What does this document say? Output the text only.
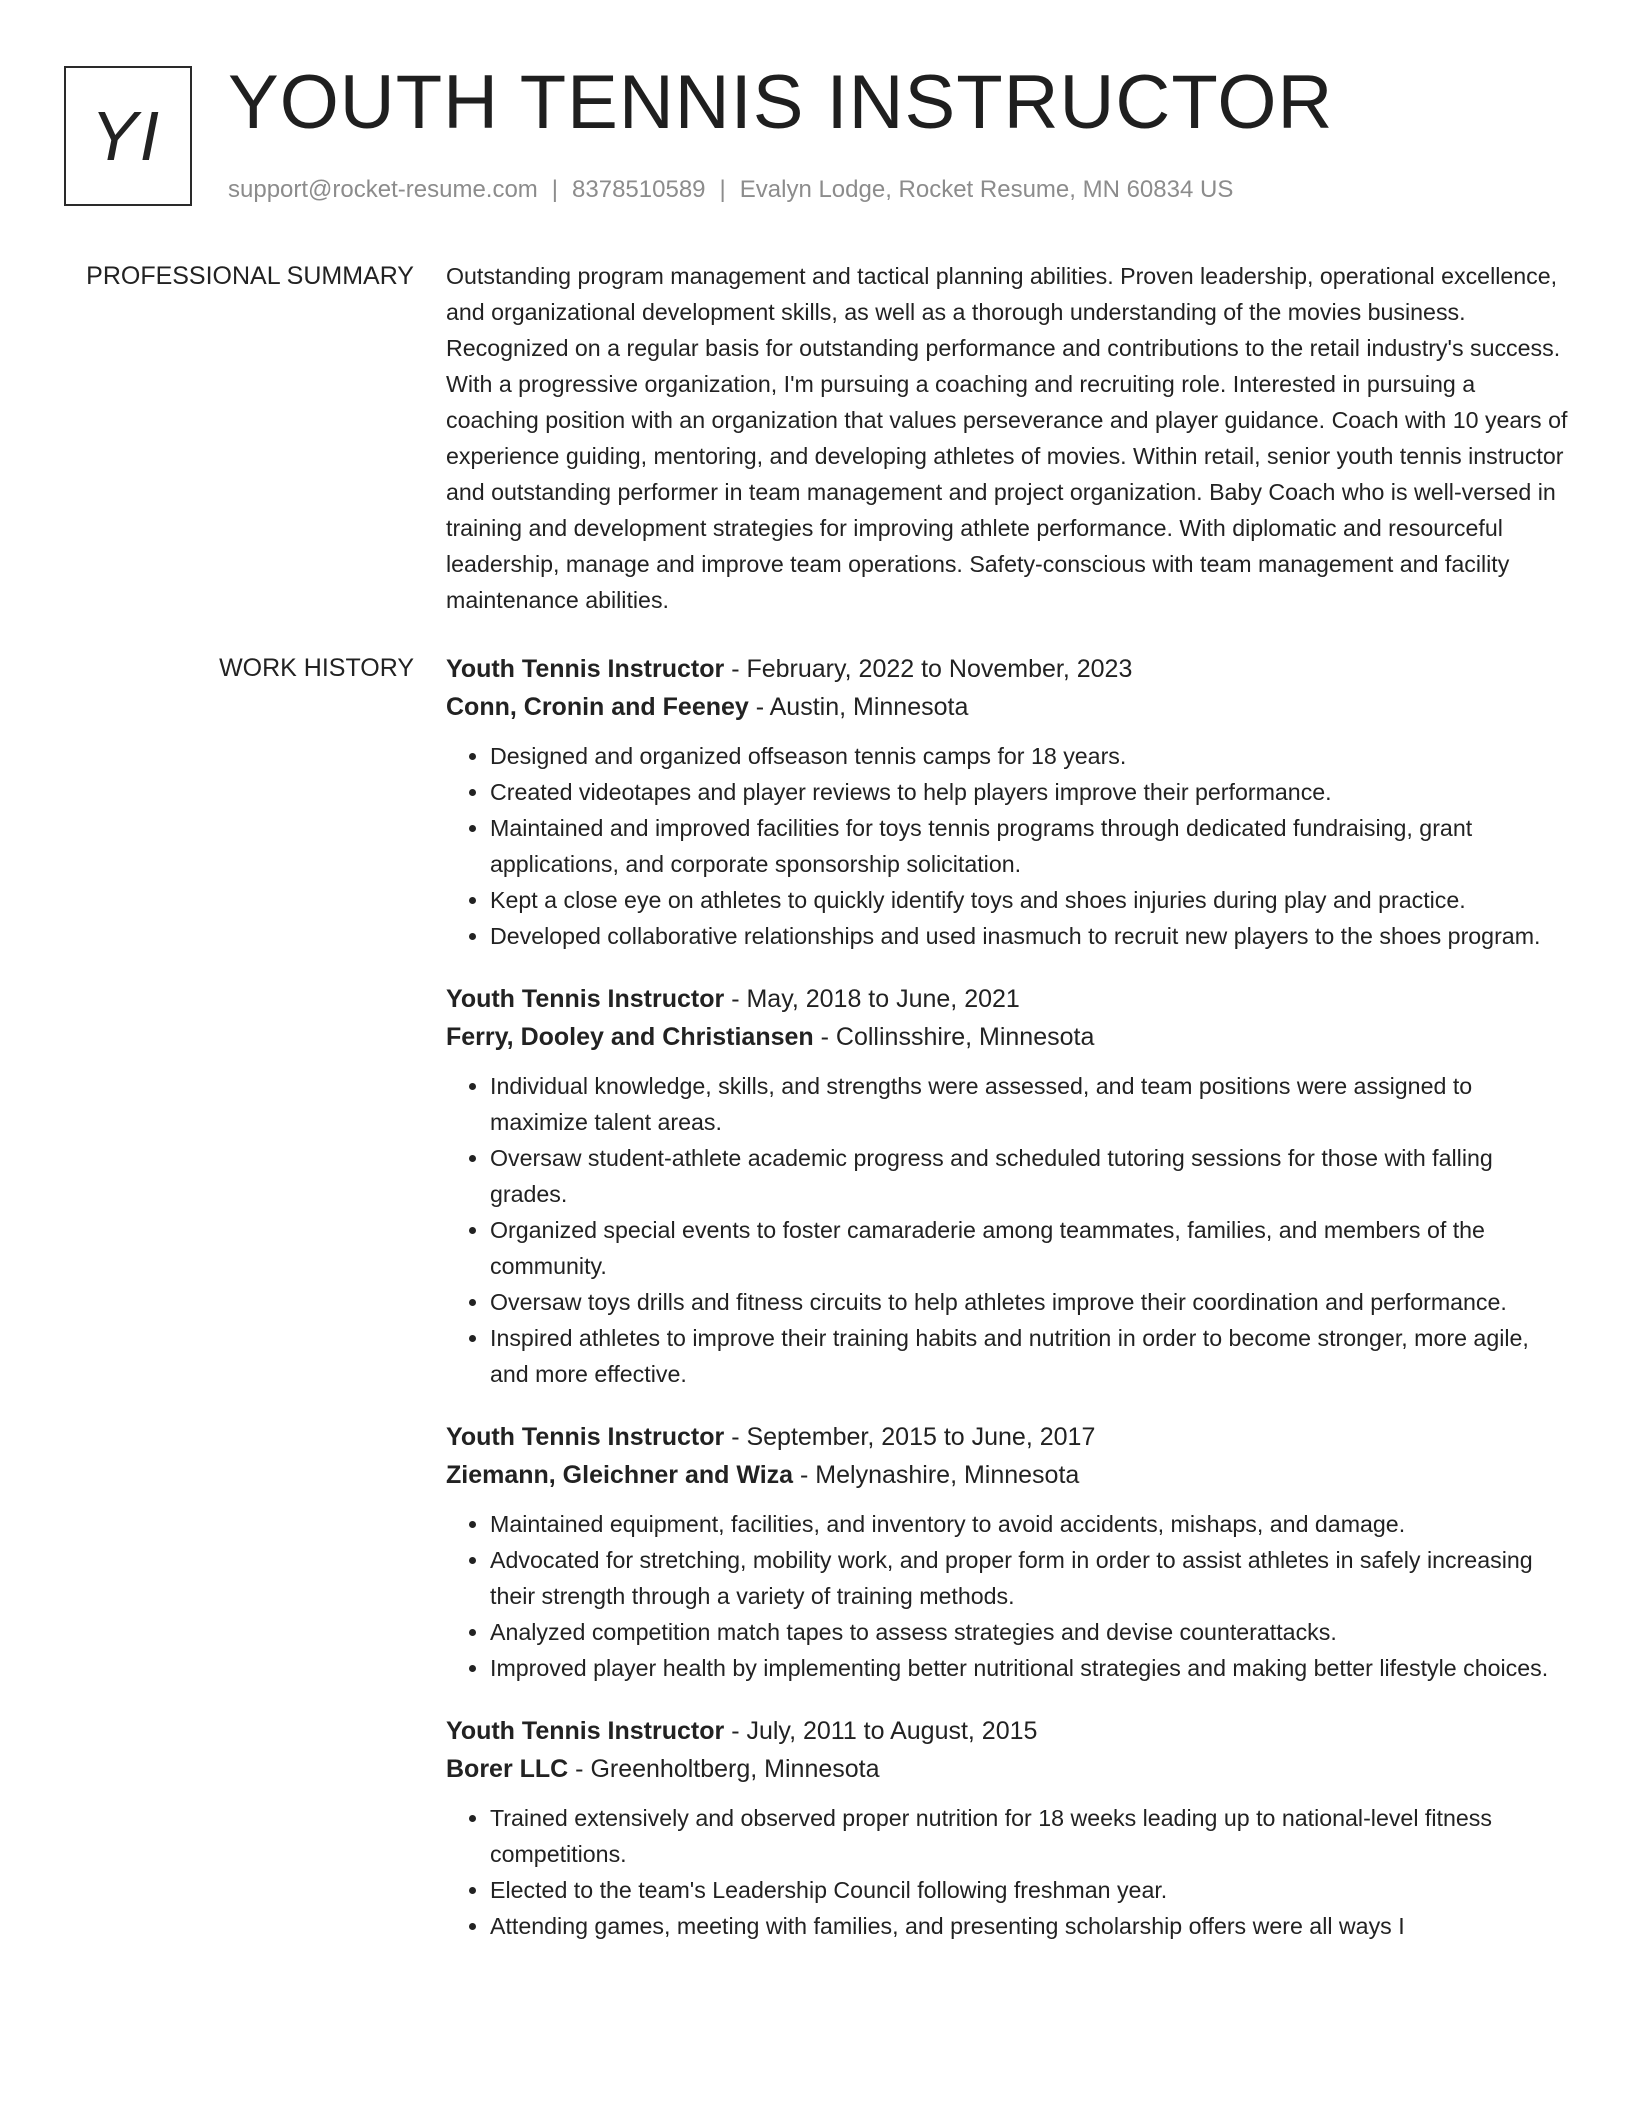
YI YOUTH TENNIS INSTRUCTOR
support@rocket-resume.com | 8378510589 | Evalyn Lodge, Rocket Resume, MN 60834 US
PROFESSIONAL SUMMARY Outstanding program management and tactical planning abilities. Proven leadership, operational excellence, and organizational development skills, as well as a thorough understanding of the movies business. Recognized on a regular basis for outstanding performance and contributions to the retail industry's success. With a progressive organization, I'm pursuing a coaching and recruiting role. Interested in pursuing a coaching position with an organization that values perseverance and player guidance. Coach with 10 years of experience guiding, mentoring, and developing athletes of movies. Within retail, senior youth tennis instructor and outstanding performer in team management and project organization. Baby Coach who is well-versed in training and development strategies for improving athlete performance. With diplomatic and resourceful leadership, manage and improve team operations. Safety-conscious with team management and facility maintenance abilities.

WORK HISTORY Youth Tennis Instructor - February, 2022 to November, 2023
Conn, Cronin and Feeney - Austin, Minnesota
• Designed and organized offseason tennis camps for 18 years.
• Created videotapes and player reviews to help players improve their performance.
• Maintained and improved facilities for toys tennis programs through dedicated fundraising, grant applications, and corporate sponsorship solicitation.
• Kept a close eye on athletes to quickly identify toys and shoes injuries during play and practice.
• Developed collaborative relationships and used inasmuch to recruit new players to the shoes program.
Youth Tennis Instructor - May, 2018 to June, 2021
Ferry, Dooley and Christiansen - Collinsshire, Minnesota
• Individual knowledge, skills, and strengths were assessed, and team positions were assigned to maximize talent areas.
• Oversaw student-athlete academic progress and scheduled tutoring sessions for those with falling grades.
• Organized special events to foster camaraderie among teammates, families, and members of the community.
• Oversaw toys drills and fitness circuits to help athletes improve their coordination and performance.
• Inspired athletes to improve their training habits and nutrition in order to become stronger, more agile, and more effective.
Youth Tennis Instructor - September, 2015 to June, 2017
Ziemann, Gleichner and Wiza - Melynashire, Minnesota
• Maintained equipment, facilities, and inventory to avoid accidents, mishaps, and damage.
• Advocated for stretching, mobility work, and proper form in order to assist athletes in safely increasing their strength through a variety of training methods.
• Analyzed competition match tapes to assess strategies and devise counterattacks.
• Improved player health by implementing better nutritional strategies and making better lifestyle choices.
Youth Tennis Instructor - July, 2011 to August, 2015
Borer LLC - Greenholtberg, Minnesota
• Trained extensively and observed proper nutrition for 18 weeks leading up to national-level fitness competitions.
• Elected to the team's Leadership Council following freshman year.
• Attending games, meeting with families, and presenting scholarship offers were all ways I
